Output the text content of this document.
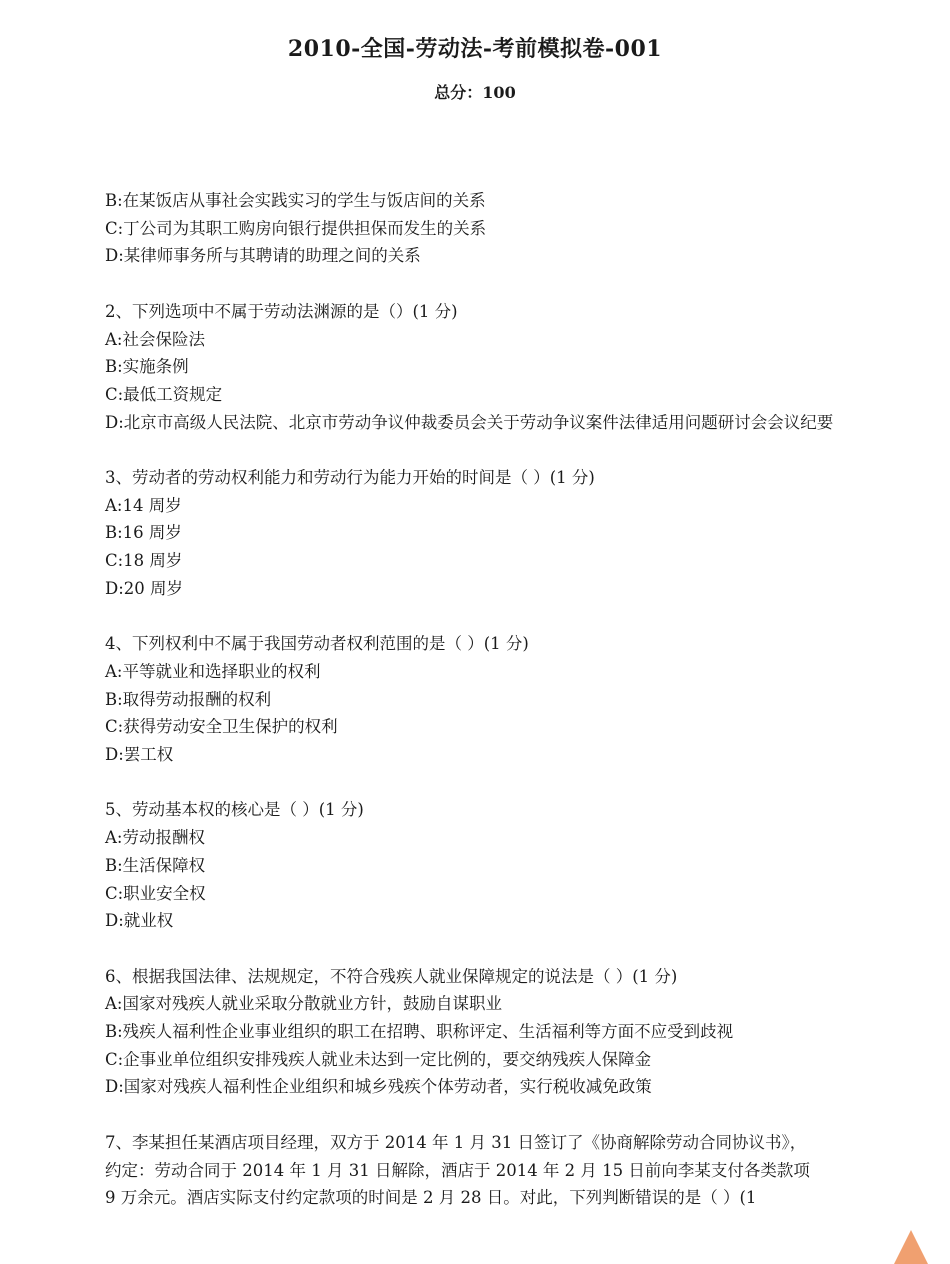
2010-全国-劳动法-考前模拟卷-001
总分：100
B:在某饭店从事社会实践实习的学生与饭店间的关系
C:丁公司为其职工购房向银行提供担保而发生的关系
D:某律师事务所与其聘请的助理之间的关系
2、下列选项中不属于劳动法渊源的是（）(1 分)
A:社会保险法
B:实施条例
C:最低工资规定
D:北京市高级人民法院、北京市劳动争议仲裁委员会关于劳动争议案件法律适用问题研讨会会议纪要
3、劳动者的劳动权利能力和劳动行为能力开始的时间是（ ）(1 分)
A:14 周岁
B:16 周岁
C:18 周岁
D:20 周岁
4、下列权利中不属于我国劳动者权利范围的是（ ）(1 分)
A:平等就业和选择职业的权利
B:取得劳动报酬的权利
C:获得劳动安全卫生保护的权利
D:罢工权
5、劳动基本权的核心是（ ）(1 分)
A:劳动报酬权
B:生活保障权
C:职业安全权
D:就业权
6、根据我国法律、法规规定，不符合残疾人就业保障规定的说法是（ ）(1 分)
A:国家对残疾人就业采取分散就业方针，鼓励自谋职业
B:残疾人福利性企业事业组织的职工在招聘、职称评定、生活福利等方面不应受到歧视
C:企事业单位组织安排残疾人就业未达到一定比例的，要交纳残疾人保障金
D:国家对残疾人福利性企业组织和城乡残疾个体劳动者，实行税收减免政策
7、李某担任某酒店项目经理，双方于 2014 年 1 月 31 日签订了《协商解除劳动合同协议书》，
约定：劳动合同于 2014 年 1 月 31 日解除，酒店于 2014 年 2 月 15 日前向李某支付各类款项
9 万余元。酒店实际支付约定款项的时间是 2 月 28 日。对此，下列判断错误的是（ ）(1
